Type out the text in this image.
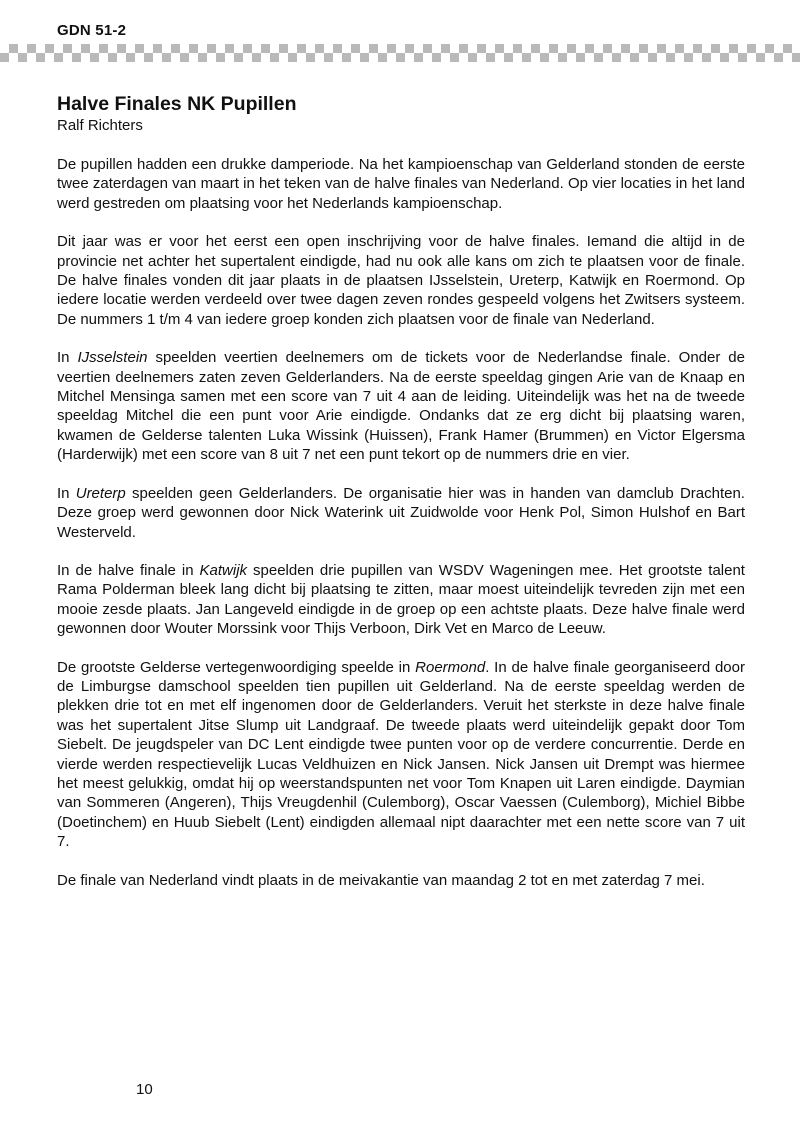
GDN 51-2
Halve Finales NK Pupillen
Ralf Richters

De pupillen hadden een drukke damperiode. Na het kampioenschap van Gelderland stonden de eerste twee zaterdagen van maart in het teken van de halve finales van Nederland. Op vier locaties in het land werd gestreden om plaatsing voor het Nederlands kampioenschap.

Dit jaar was er voor het eerst een open inschrijving voor de halve finales. Iemand die altijd in de provincie net achter het supertalent eindigde, had nu ook alle kans om zich te plaatsen voor de finale. De halve finales vonden dit jaar plaats in de plaatsen IJsselstein, Ureterp, Katwijk en Roermond. Op iedere locatie werden verdeeld over twee dagen zeven rondes gespeeld volgens het Zwitsers systeem. De nummers 1 t/m 4 van iedere groep konden zich plaatsen voor de finale van Nederland.

In IJsselstein speelden veertien deelnemers om de tickets voor de Nederlandse finale. Onder de veertien deelnemers zaten zeven Gelderlanders. Na de eerste speeldag gingen Arie van de Knaap en Mitchel Mensinga samen met een score van 7 uit 4 aan de leiding. Uiteindelijk was het na de tweede speeldag Mitchel die een punt voor Arie eindigde. Ondanks dat ze erg dicht bij plaatsing waren, kwamen de Gelderse talenten Luka Wissink (Huissen), Frank Hamer (Brummen) en Victor Elgersma (Harderwijk) met een score van 8 uit 7 net een punt tekort op de nummers drie en vier.

In Ureterp speelden geen Gelderlanders. De organisatie hier was in handen van damclub Drachten. Deze groep werd gewonnen door Nick Waterink uit Zuidwolde voor Henk Pol, Simon Hulshof en Bart Westerveld.

In de halve finale in Katwijk speelden drie pupillen van WSDV Wageningen mee. Het grootste talent Rama Polderman bleek lang dicht bij plaatsing te zitten, maar moest uiteindelijk tevreden zijn met een mooie zesde plaats. Jan Langeveld eindigde in de groep op een achtste plaats. Deze halve finale werd gewonnen door Wouter Morssink voor Thijs Verboon, Dirk Vet en Marco de Leeuw.

De grootste Gelderse vertegenwoordiging speelde in Roermond. In de halve finale georganiseerd door de Limburgse damschool speelden tien pupillen uit Gelderland. Na de eerste speeldag werden de plekken drie tot en met elf ingenomen door de Gelderlanders. Veruit het sterkste in deze halve finale was het supertalent Jitse Slump uit Landgraaf. De tweede plaats werd uiteindelijk gepakt door Tom Siebelt. De jeugdspeler van DC Lent eindigde twee punten voor op de verdere concurrentie. Derde en vierde werden respectievelijk Lucas Veldhuizen en Nick Jansen. Nick Jansen uit Drempt was hiermee het meest gelukkig, omdat hij op weerstandspunten net voor Tom Knapen uit Laren eindigde. Daymian van Sommeren (Angeren), Thijs Vreugdenhil (Culemborg), Oscar Vaessen (Culemborg), Michiel Bibbe (Doetinchem) en Huub Siebelt (Lent) eindigden allemaal nipt daarachter met een nette score van 7 uit 7.

De finale van Nederland vindt plaats in de meivakantie van maandag 2 tot en met zaterdag 7 mei.

10
